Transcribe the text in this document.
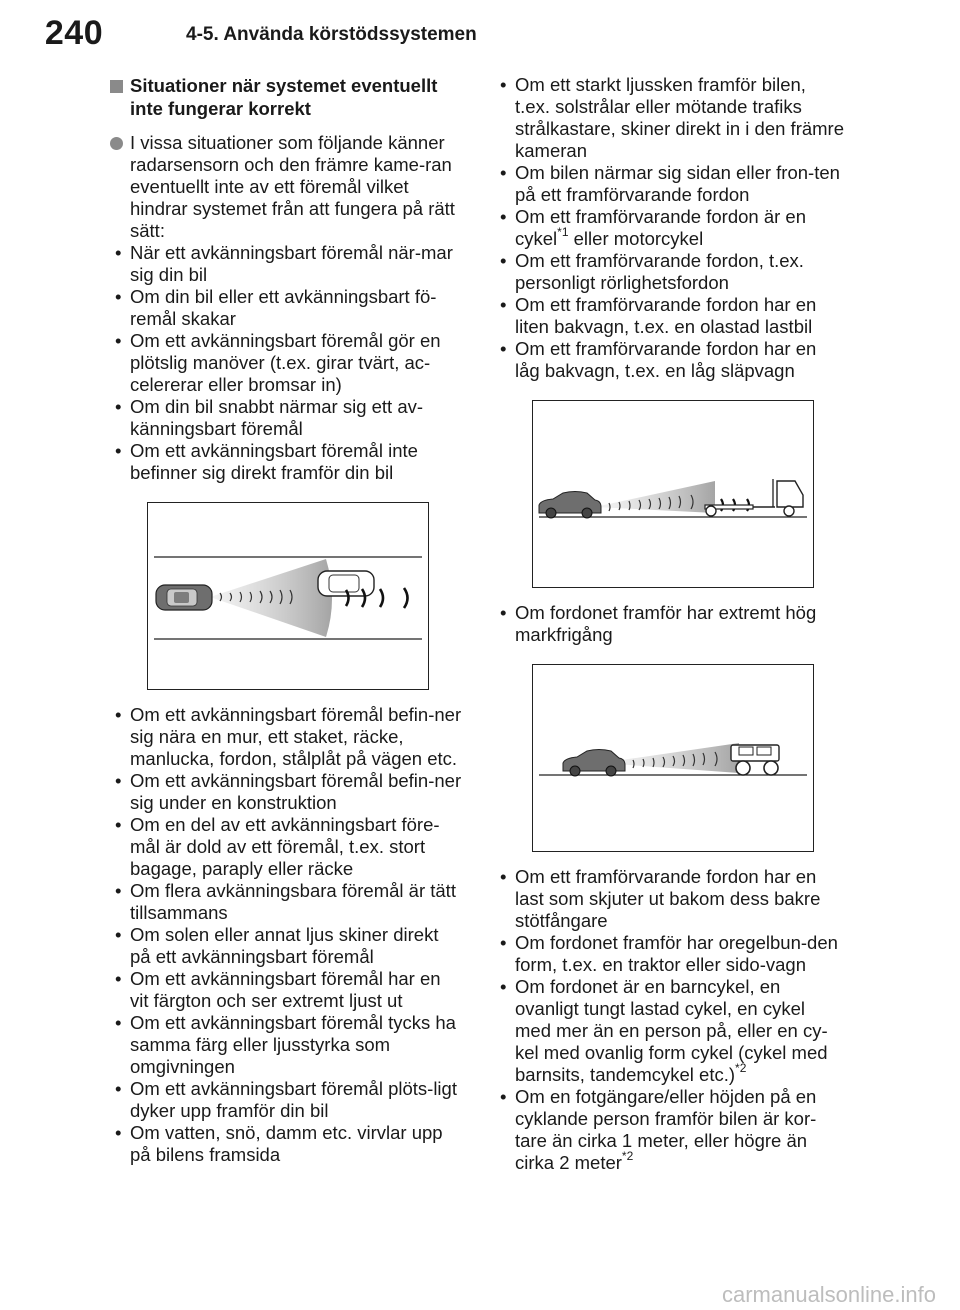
240	4-5. Använda körstödssystemen
Situationer när systemet eventuellt inte fungerar korrekt
I vissa situationer som följande känner radarsensorn och den främre kame-ran eventuellt inte av ett föremål vilket hindrar systemet från att fungera på rätt sätt:
• När ett avkänningsbart föremål när-mar sig din bil
• Om din bil eller ett avkänningsbart fö-remål skakar
• Om ett avkänningsbart föremål gör en plötslig manöver (t.ex. girar tvärt, ac-celererar eller bromsar in)
• Om din bil snabbt närmar sig ett av-känningsbart föremål
• Om ett avkänningsbart föremål inte befinner sig direkt framför din bil
• Om ett avkänningsbart föremål befin-ner sig nära en mur, ett staket, räcke, manlucka, fordon, stålplåt på vägen etc.
• Om ett avkänningsbart föremål befin-ner sig under en konstruktion
• Om en del av ett avkänningsbart före-mål är dold av ett föremål, t.ex. stort bagage, paraply eller räcke
• Om flera avkänningsbara föremål är tätt tillsammans
• Om solen eller annat ljus skiner direkt på ett avkänningsbart föremål
• Om ett avkänningsbart föremål har en vit färgton och ser extremt ljust ut
• Om ett avkänningsbart föremål tycks ha samma färg eller ljusstyrka som omgivningen
• Om ett avkänningsbart föremål plöts-ligt dyker upp framför din bil
• Om vatten, snö, damm etc. virvlar upp på bilens framsida
• Om ett starkt ljussken framför bilen, t.ex. solstrålar eller mötande trafiks strålkastare, skiner direkt in i den främre kameran
• Om bilen närmar sig sidan eller fron-ten på ett framförvarande fordon
• Om ett framförvarande fordon är en cykel$^{*1}$ eller motorcykel
• Om ett framförvarande fordon, t.ex. personligt rörlighetsfordon
• Om ett framförvarande fordon har en liten bakvagn, t.ex. en olastad lastbil
• Om ett framförvarande fordon har en låg bakvagn, t.ex. en låg släpvagn
• Om fordonet framför har extremt hög markfrigång
• Om ett framförvarande fordon har en last som skjuter ut bakom dess bakre stötfångare
• Om fordonet framför har oregelbun-den form, t.ex. en traktor eller sido-vagn
• Om fordonet är en barncykel, en ovanligt tungt lastad cykel, en cykel med mer än en person på, eller en cy-kel med ovanlig form cykel (cykel med barnsits, tandemcykel etc.)$^{*2}$
• Om en fotgängare/eller höjden på en cyklande person framför bilen är kor-tare än cirka 1 meter, eller högre än cirka 2 meter$^{*2}$
carmanualsonline.info
